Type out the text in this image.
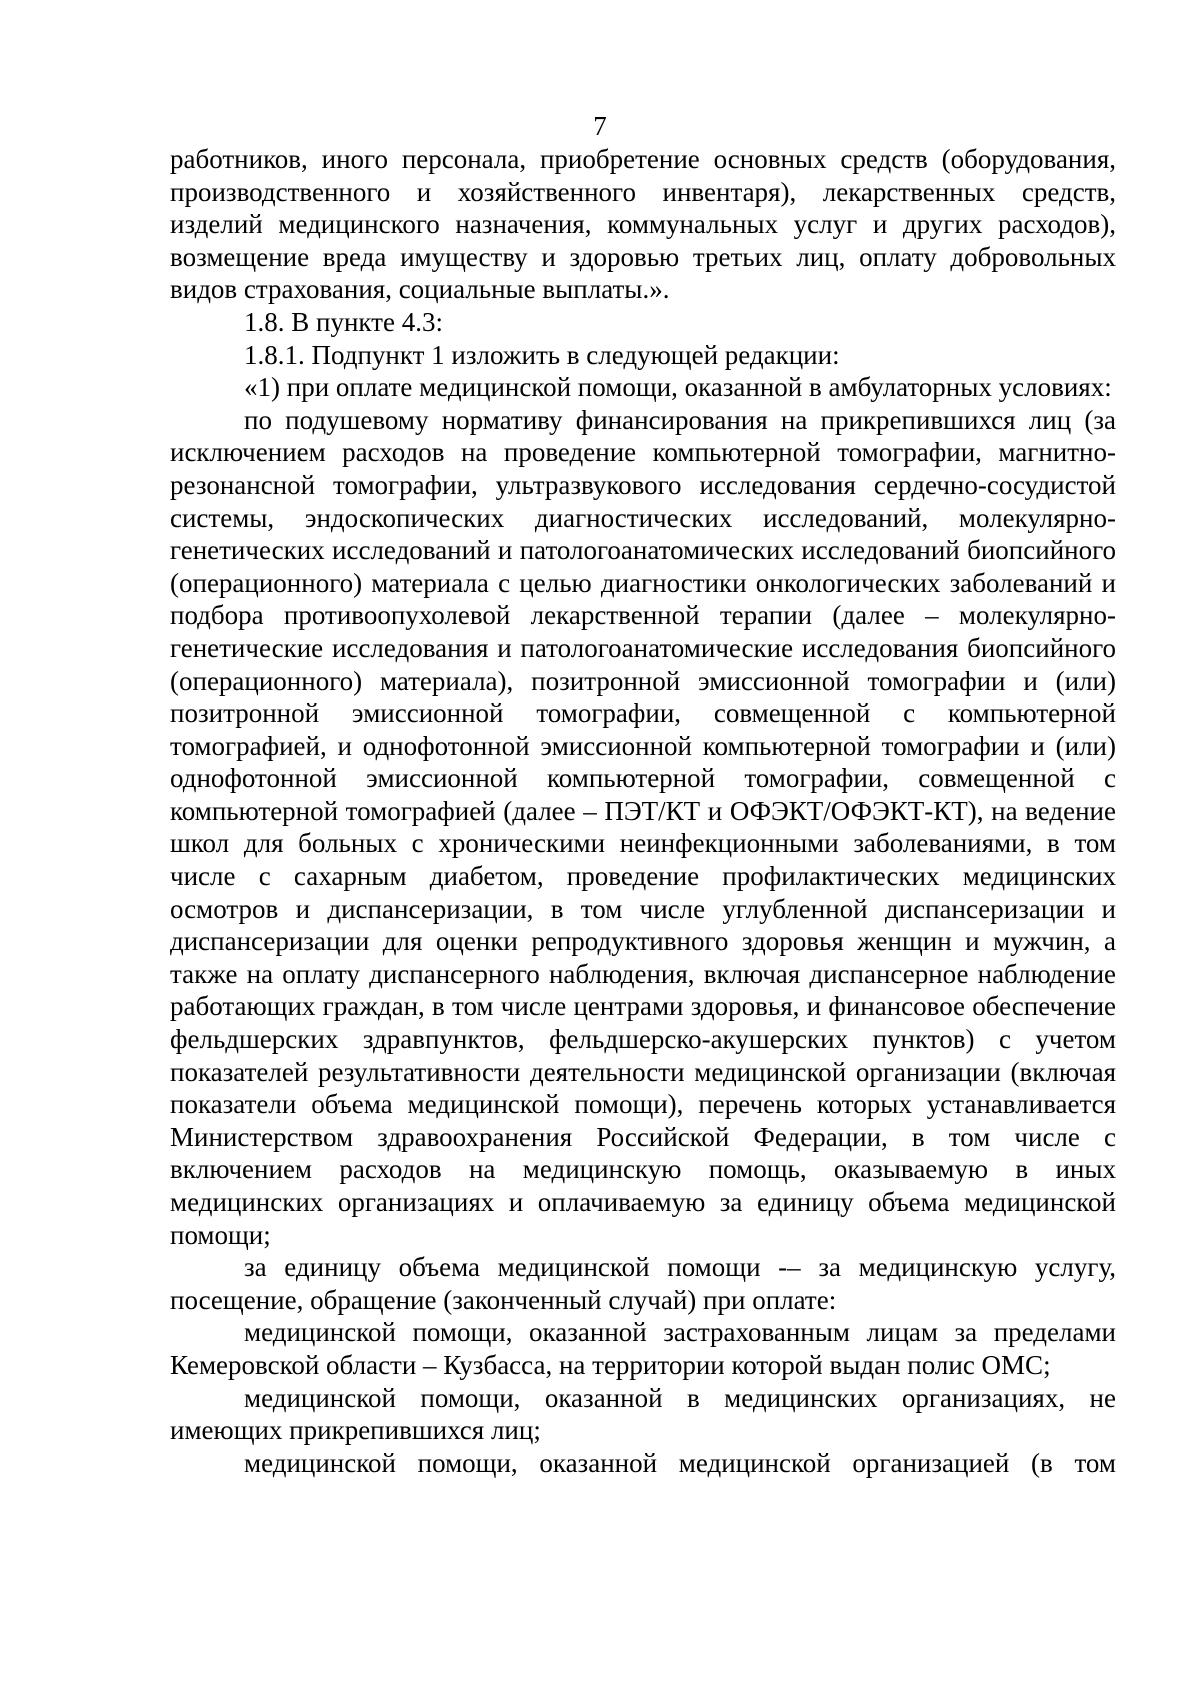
7

работников, иного персонала, приобретение основных средств (оборудования, производственного и хозяйственного инвентаря), лекарственных средств, изделий медицинского назначения, коммунальных услуг и других расходов), возмещение вреда имуществу и здоровью третьих лиц, оплату добровольных видов страхования, социальные выплаты.».

1.8. В пункте 4.3:

1.8.1. Подпункт 1 изложить в следующей редакции:

«1) при оплате медицинской помощи, оказанной в амбулаторных условиях:

по подушевому нормативу финансирования на прикрепившихся лиц (за исключением расходов на проведение компьютерной томографии, магнитно-резонансной томографии, ультразвукового исследования сердечно-сосудистой системы, эндоскопических диагностических исследований, молекулярно-генетических исследований и патологоанатомических исследований биопсийного (операционного) материала с целью диагностики онкологических заболеваний и подбора противоопухолевой лекарственной терапии (далее – молекулярно-генетические исследования и патологоанатомические исследования биопсийного (операционного) материала), позитронной эмиссионной томографии и (или) позитронной эмиссионной томографии, совмещенной с компьютерной томографией, и однофотонной эмиссионной компьютерной томографии и (или) однофотонной эмиссионной компьютерной томографии, совмещенной с компьютерной томографией (далее – ПЭТ/КТ и ОФЭКТ/ОФЭКТ-КТ), на ведение школ для больных с хроническими неинфекционными заболеваниями, в том числе с сахарным диабетом, проведение профилактических медицинских осмотров и диспансеризации, в том числе углубленной диспансеризации и диспансеризации для оценки репродуктивного здоровья женщин и мужчин, а также на оплату диспансерного наблюдения, включая диспансерное наблюдение работающих граждан, в том числе центрами здоровья, и финансовое обеспечение фельдшерских здравпунктов, фельдшерско-акушерских пунктов) с учетом показателей результативности деятельности медицинской организации (включая показатели объема медицинской помощи), перечень которых устанавливается Министерством здравоохранения Российской Федерации, в том числе с включением расходов на медицинскую помощь, оказываемую в иных медицинских организациях и оплачиваемую за единицу объема медицинской помощи;

за единицу объема медицинской помощи -– за медицинскую услугу, посещение, обращение (законченный случай) при оплате:

медицинской помощи, оказанной застрахованным лицам за пределами Кемеровской области – Кузбасса, на территории которой выдан полис ОМС;

медицинской помощи, оказанной в медицинских организациях, не имеющих прикрепившихся лиц;

медицинской помощи, оказанной медицинской организацией (в том
